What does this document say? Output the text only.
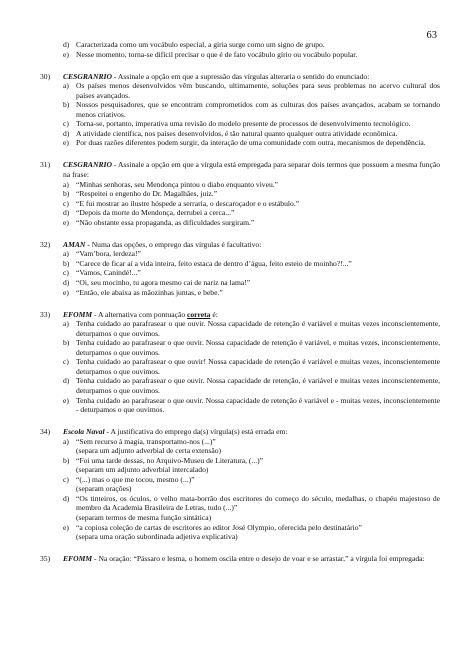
63
d) Caracterizada como um vocábulo especial, a gíria surge como um signo de grupo.
e) Nesse momento, torna-se difícil precisar o que é de fato vocábulo gírio ou vocábulo popular.
30)	CESGRANRIO - Assinale a opção em que a supressão das vírgulas alteraria o sentido do enunciado:
a) Os países menos desenvolvidos vêm buscando, ultimamente, soluções para seus problemas no acervo cultural dos países avançados.
b) Nossos pesquisadores, que se encontram comprometidos com as culturas dos países avançados, acabam se tornando menos criativos.
c) Torna-se, portanto, imperativa uma revisão do modelo presente de processos de desenvolvimento tecnológico.
d) A atividade científica, nos países desenvolvidos, é tão natural quanto qualquer outra atividade econômica.
e) Por duas razões diferentes podem surgir, da interação de uma comunidade com outra, mecanismos de dependência.
31)	CESGRANRIO - Assinale a opção em que a vírgula está empregada para separar dois termos que possuem a mesma função na frase:
a) “Minhas senhoras, seu Mendonça pintou o diabo enquanto viveu.”
b) “Respeitei o engenho do Dr. Magalhães, juiz.”
c) “E fui mostrar ao ilustre hóspede a serraria, o descaroçador e o estábulo.”
d) “Depois da morte do Mendonça, derrubei a cerca...”
e) “Não obstante essa propaganda, as dificuldades surgiram.”
32)	AMAN - Numa das opções, o emprego das vírgulas é facultativo:
a) “Vam’bora, lerdeza!”
b) “Carece de ficar aí a vida inteira, feito estaca de dentro d’água, feito esteio de moinho?!...”
c) “Vamos, Canindé!...”
d) “Oi, seu mocinho, tu agora mesmo cai de nariz na lama!”
e) “Então, ele abaixa as mãozinhas juntas, e bebe.”
33)	EFOMM - A alternativa com pontuação correta é:
a) Tenha cuidado ao parafrasear o que ouvir. Nossa capacidade de retenção é variável e muitas vezes inconscientemente, deturpamos o que ouvimos.
b) Tenha cuidado ao parafrasear o que ouvir. Nossa capacidade de retenção é variável, e muitas vezes, inconscientemente, deturpamos o que ouvimos.
c) Tenha cuidado ao parafrasear o que ouvir! Nossa capacidade de retenção é variável e muitas vezes, inconscientemente deturpamos o que ouvimos.
d) Tenha cuidado ao parafrasear o que ouvir. Nossa capacidade de retenção, é variável e muitas vezes inconscientemente, deturpamos o que ouvimos.
e) Tenha cuidado ao parafrasear o que ouvir. Nossa capacidade de retenção é variável e - muitas vezes, inconscientemente - deturpamos o que ouvimos.
34)	Escola Naval - A justificativa do emprego da(s) vírgula(s) está errada em:
a) “Sem recurso à magia, transportamo-nos (...)”
(separa um adjunto adverbial de certa extensão)
b) “Foi uma tarde dessas, no Arquivo-Museu de Literatura, (...)”
(separam um adjunto adverbial intercalado)
c) “(...) mas o que me tocou, mesmo (...)”
(separam orações)
d) “Os tinteiros, os óculos, o velho mata-borrão dos escritores do começo do século, medalhas, o chapéu majestoso de membro da Academia Brasileira de Letras, tudo (...)”
(separam termos de mesma função sintática)
e) “a copiosa coleção de cartas de escritores ao editor José Olympio, oferecida pelo destinatário”
(separa uma oração subordinada adjetiva explicativa)
35)	EFOMM - Na oração: “Pássaro e lesma, o homem oscila entre o desejo de voar e se arrastar,” a vírgula foi empregada:
